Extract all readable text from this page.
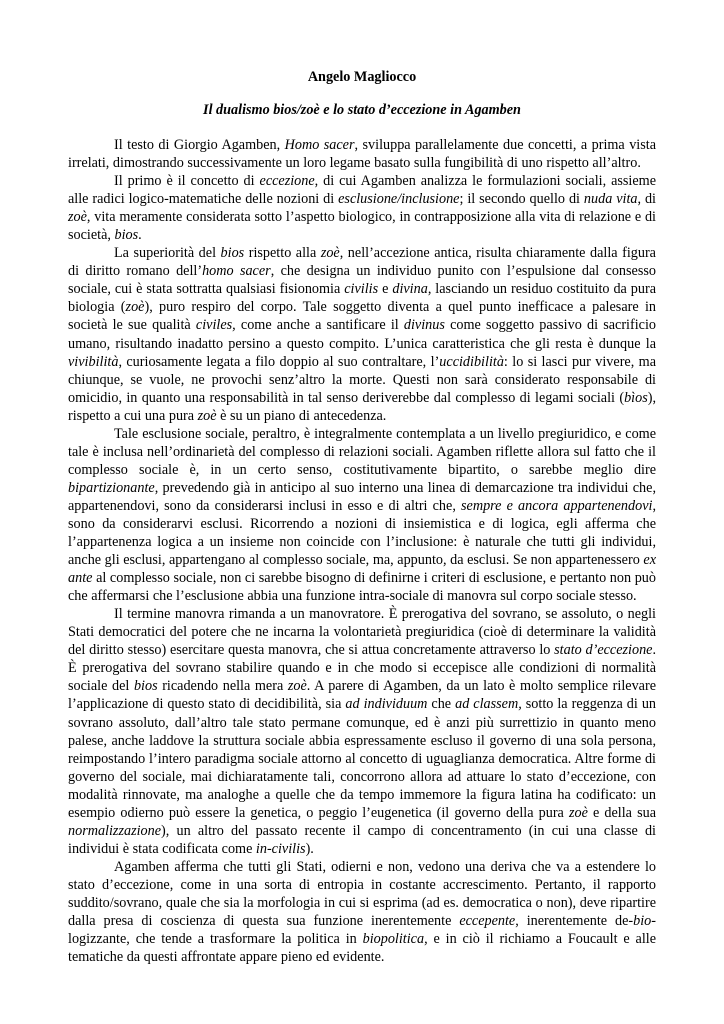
Angelo Magliocco

Il dualismo bios/zoè e lo stato d’eccezione in Agamben

Il testo di Giorgio Agamben, Homo sacer, sviluppa parallelamente due concetti, a prima vista irrelati, dimostrando successivamente un loro legame basato sulla fungibilità di uno rispetto all’altro.

Il primo è il concetto di eccezione, di cui Agamben analizza le formulazioni sociali, assieme alle radici logico-matematiche delle nozioni di esclusione/inclusione; il secondo quello di nuda vita, di zoè, vita meramente considerata sotto l’aspetto biologico, in contrapposizione alla vita di relazione e di società, bios.

La superiorità del bios rispetto alla zoè, nell’accezione antica, risulta chiaramente dalla figura di diritto romano dell’homo sacer, che designa un individuo punito con l’espulsione dal consesso sociale, cui è stata sottratta qualsiasi fisionomia civilis e divina, lasciando un residuo costituito da pura biologia (zoè), puro respiro del corpo. Tale soggetto diventa a quel punto inefficace a palesare in società le sue qualità civiles, come anche a santificare il divinus come soggetto passivo di sacrificio umano, risultando inadatto persino a questo compito. L’unica caratteristica che gli resta è dunque la vivibilità, curiosamente legata a filo doppio al suo contraltare, l’uccidibilità: lo si lasci pur vivere, ma chiunque, se vuole, ne provochi senz’altro la morte. Questi non sarà considerato responsabile di omicidio, in quanto una responsabilità in tal senso deriverebbe dal complesso di legami sociali (bìos), rispetto a cui una pura zoè è su un piano di antecedenza.

Tale esclusione sociale, peraltro, è integralmente contemplata a un livello pregiuridico, e come tale è inclusa nell’ordinarietà del complesso di relazioni sociali. Agamben riflette allora sul fatto che il complesso sociale è, in un certo senso, costitutivamente bipartito, o sarebbe meglio dire bipartizionante, prevedendo già in anticipo al suo interno una linea di demarcazione tra individui che, appartenendovi, sono da considerarsi inclusi in esso e di altri che, sempre e ancora appartenendovi, sono da considerarvi esclusi. Ricorrendo a nozioni di insiemistica e di logica, egli afferma che l’appartenenza logica a un insieme non coincide con l’inclusione: è naturale che tutti gli individui, anche gli esclusi, appartengano al complesso sociale, ma, appunto, da esclusi. Se non appartenessero ex ante al complesso sociale, non ci sarebbe bisogno di definirne i criteri di esclusione, e pertanto non può che affermarsi che l’esclusione abbia una funzione intra-sociale di manovra sul corpo sociale stesso.

Il termine manovra rimanda a un manovratore. È prerogativa del sovrano, se assoluto, o negli Stati democratici del potere che ne incarna la volontarietà pregiuridica (cioè di determinare la validità del diritto stesso) esercitare questa manovra, che si attua concretamente attraverso lo stato d’eccezione. È prerogativa del sovrano stabilire quando e in che modo si eccepisce alle condizioni di normalità sociale del bios ricadendo nella mera zoè. A parere di Agamben, da un lato è molto semplice rilevare l’applicazione di questo stato di decidibilità, sia ad individuum che ad classem, sotto la reggenza di un sovrano assoluto, dall’altro tale stato permane comunque, ed è anzi più surrettizio in quanto meno palese, anche laddove la struttura sociale abbia espressamente escluso il governo di una sola persona, reimpostando l’intero paradigma sociale attorno al concetto di uguaglianza democratica. Altre forme di governo del sociale, mai dichiaratamente tali, concorrono allora ad attuare lo stato d’eccezione, con modalità rinnovate, ma analoghe a quelle che da tempo immemore la figura latina ha codificato: un esempio odierno può essere la genetica, o peggio l’eugenetica (il governo della pura zoè e della sua normalizzazione), un altro del passato recente il campo di concentramento (in cui una classe di individui è stata codificata come in-civilis).

Agamben afferma che tutti gli Stati, odierni e non, vedono una deriva che va a estendere lo stato d’eccezione, come in una sorta di entropia in costante accrescimento. Pertanto, il rapporto suddito/sovrano, quale che sia la morfologia in cui si esprima (ad es. democratica o non), deve ripartire dalla presa di coscienza di questa sua funzione inerentemente eccepente, inerentemente de-bio-logizzante, che tende a trasformare la politica in biopolitica, e in ciò il richiamo a Foucault e alle tematiche da questi affrontate appare pieno ed evidente.
